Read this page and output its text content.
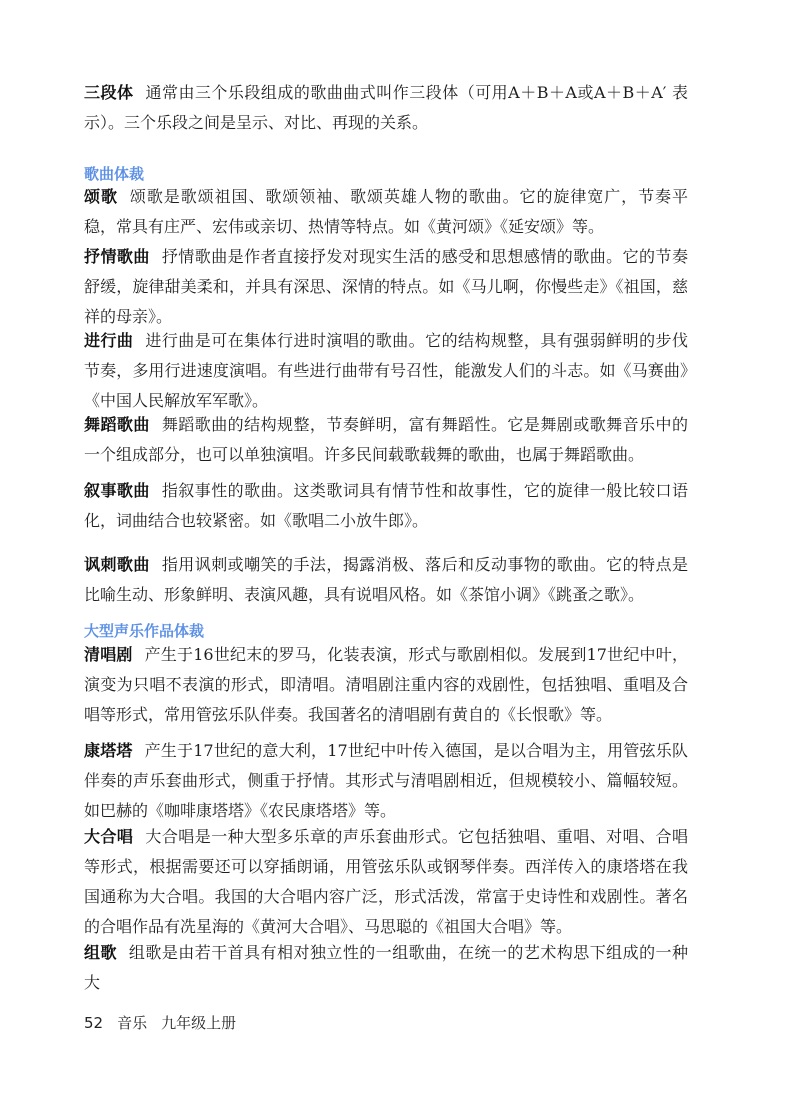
三段体 通常由三个乐段组成的歌曲曲式叫作三段体（可用A＋B＋A或A＋B＋A′ 表示）。三个乐段之间是呈示、对比、再现的关系。

歌曲体裁

颂歌 颂歌是歌颂祖国、歌颂领袖、歌颂英雄人物的歌曲。它的旋律宽广，节奏平稳，常具有庄严、宏伟或亲切、热情等特点。如《黄河颂》《延安颂》等。

抒情歌曲 抒情歌曲是作者直接抒发对现实生活的感受和思想感情的歌曲。它的节奏舒缓，旋律甜美柔和，并具有深思、深情的特点。如《马儿啊，你慢些走》《祖国，慈祥的母亲》。

进行曲 进行曲是可在集体行进时演唱的歌曲。它的结构规整，具有强弱鲜明的步伐节奏，多用行进速度演唱。有些进行曲带有号召性，能激发人们的斗志。如《马赛曲》《中国人民解放军军歌》。

舞蹈歌曲 舞蹈歌曲的结构规整，节奏鲜明，富有舞蹈性。它是舞剧或歌舞音乐中的一个组成部分，也可以单独演唱。许多民间载歌载舞的歌曲，也属于舞蹈歌曲。

叙事歌曲 指叙事性的歌曲。这类歌词具有情节性和故事性，它的旋律一般比较口语化，词曲结合也较紧密。如《歌唱二小放牛郎》。

讽刺歌曲 指用讽刺或嘲笑的手法，揭露消极、落后和反动事物的歌曲。它的特点是比喻生动、形象鲜明、表演风趣，具有说唱风格。如《茶馆小调》《跳蚤之歌》。

大型声乐作品体裁

清唱剧 产生于16世纪末的罗马，化装表演，形式与歌剧相似。发展到17世纪中叶，演变为只唱不表演的形式，即清唱。清唱剧注重内容的戏剧性，包括独唱、重唱及合唱等形式，常用管弦乐队伴奏。我国著名的清唱剧有黄自的《长恨歌》等。

康塔塔 产生于17世纪的意大利，17世纪中叶传入德国，是以合唱为主，用管弦乐队伴奏的声乐套曲形式，侧重于抒情。其形式与清唱剧相近，但规模较小、篇幅较短。如巴赫的《咖啡康塔塔》《农民康塔塔》等。

大合唱 大合唱是一种大型多乐章的声乐套曲形式。它包括独唱、重唱、对唱、合唱等形式，根据需要还可以穿插朗诵，用管弦乐队或钢琴伴奏。西洋传入的康塔塔在我国通称为大合唱。我国的大合唱内容广泛，形式活泼，常富于史诗性和戏剧性。著名的合唱作品有冼星海的《黄河大合唱》、马思聪的《祖国大合唱》等。

组歌 组歌是由若干首具有相对独立性的一组歌曲，在统一的艺术构思下组成的一种大

52 音乐 九年级上册
